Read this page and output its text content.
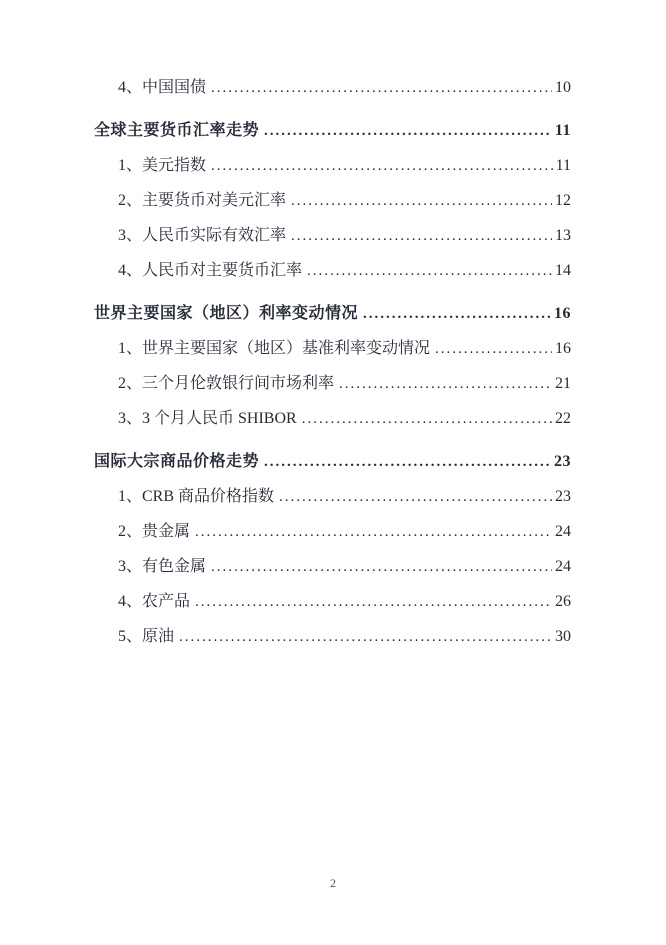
4、中国国债 .....	10
全球主要货币汇率走势 .....	11
1、美元指数 .....	11
2、主要货币对美元汇率 .....	12
3、人民币实际有效汇率 .....	13
4、人民币对主要货币汇率 .....	14
世界主要国家（地区）利率变动情况 .....	16
1、世界主要国家（地区）基准利率变动情况 .....	16
2、三个月伦敦银行间市场利率 .....	21
3、3 个月人民币 SHIBOR .....	22
国际大宗商品价格走势 .....	23
1、CRB 商品价格指数 .....	23
2、贵金属 .....	24
3、有色金属 .....	24
4、农产品 .....	26
5、原油 .....	30
2
